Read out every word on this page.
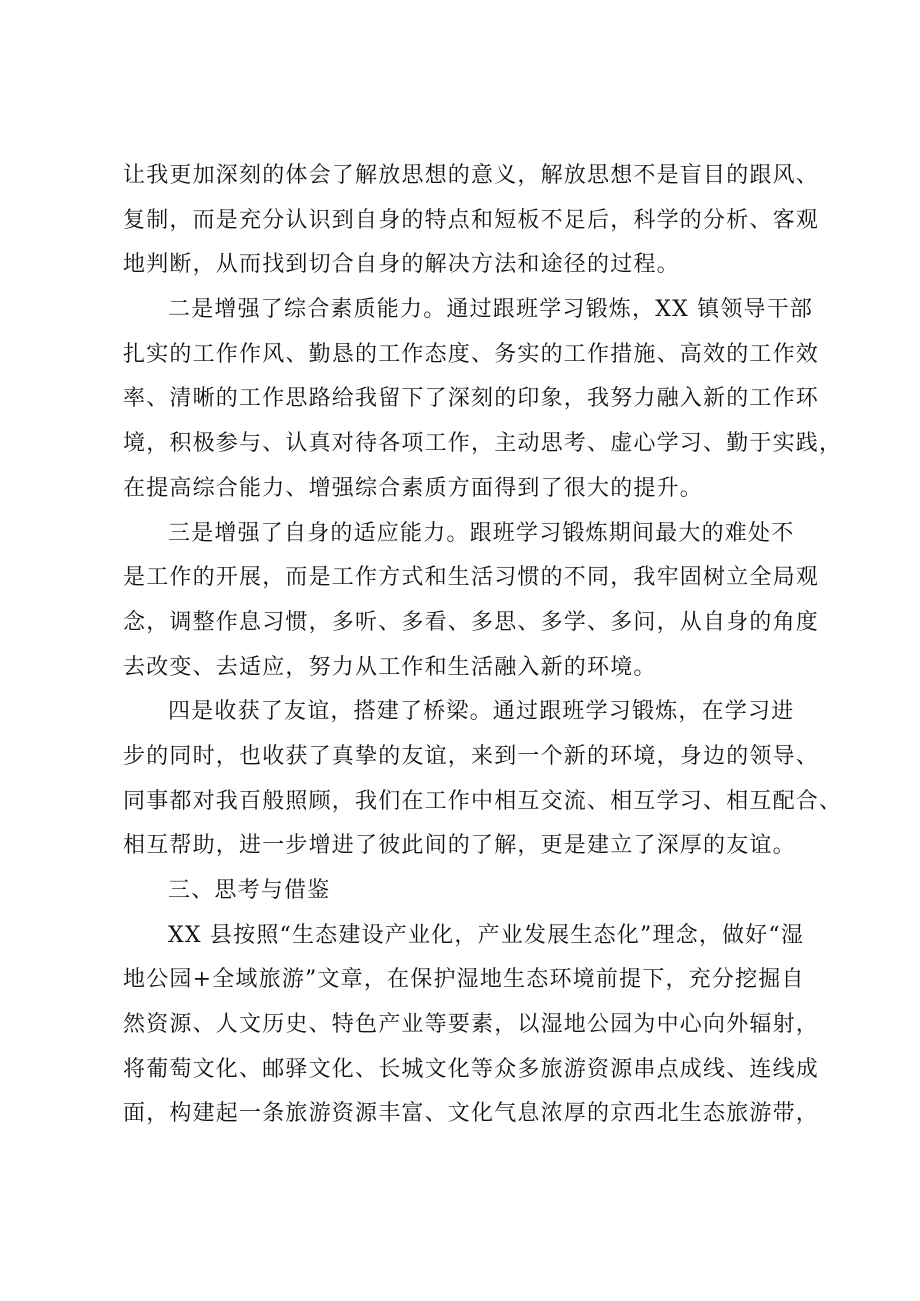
让我更加深刻的体会了解放思想的意义，解放思想不是盲目的跟风、
复制，而是充分认识到自身的特点和短板不足后，科学的分析、客观
地判断，从而找到切合自身的解决方法和途径的过程。
二是增强了综合素质能力。通过跟班学习锻炼，XX 镇领导干部
扎实的工作作风、勤恳的工作态度、务实的工作措施、高效的工作效
率、清晰的工作思路给我留下了深刻的印象，我努力融入新的工作环
境，积极参与、认真对待各项工作，主动思考、虚心学习、勤于实践，
在提高综合能力、增强综合素质方面得到了很大的提升。
三是增强了自身的适应能力。跟班学习锻炼期间最大的难处不
是工作的开展，而是工作方式和生活习惯的不同，我牢固树立全局观
念，调整作息习惯，多听、多看、多思、多学、多问，从自身的角度
去改变、去适应，努力从工作和生活融入新的环境。
四是收获了友谊，搭建了桥梁。通过跟班学习锻炼，在学习进
步的同时，也收获了真挚的友谊，来到一个新的环境，身边的领导、
同事都对我百般照顾，我们在工作中相互交流、相互学习、相互配合、
相互帮助，进一步增进了彼此间的了解，更是建立了深厚的友谊。
三、思考与借鉴
XX 县按照“生态建设产业化，产业发展生态化”理念，做好“湿
地公园+全域旅游”文章，在保护湿地生态环境前提下，充分挖掘自
然资源、人文历史、特色产业等要素，以湿地公园为中心向外辐射，
将葡萄文化、邮驿文化、长城文化等众多旅游资源串点成线、连线成
面，构建起一条旅游资源丰富、文化气息浓厚的京西北生态旅游带，
